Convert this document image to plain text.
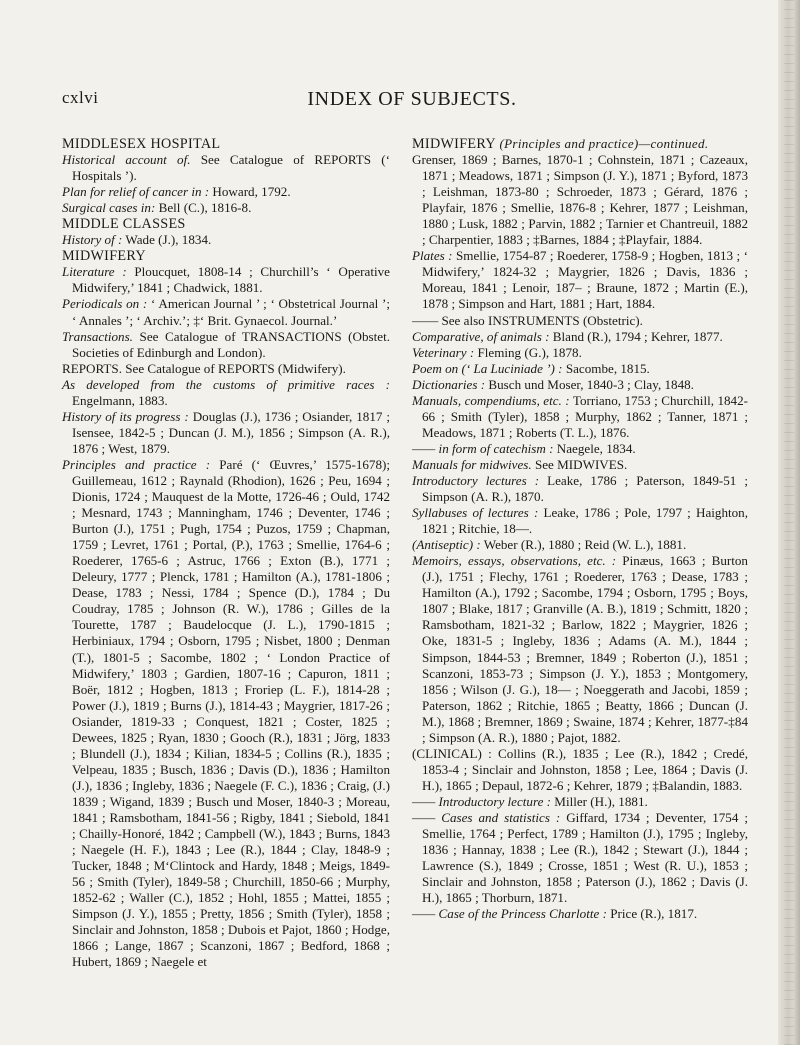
cxlvi	INDEX OF SUBJECTS.

MIDDLESEX HOSPITAL

Historical account of. See Catalogue of REPORTS (‘ Hospitals ’).

Plan for relief of cancer in : Howard, 1792.

Surgical cases in: Bell (C.), 1816-8.

MIDDLE CLASSES

History of : Wade (J.), 1834.

MIDWIFERY

Literature : Ploucquet, 1808-14 ; Churchill’s ‘ Operative Midwifery,’ 1841 ; Chadwick, 1881.

Periodicals on : ‘ American Journal ’ ; ‘ Obstetrical Journal ’; ‘ Annales ’; ‘ Archiv.’; ‡‘ Brit. Gynaecol. Journal.’

Transactions. See Catalogue of TRANSACTIONS (Obstet. Societies of Edinburgh and London).

REPORTS. See Catalogue of REPORTS (Midwifery).

As developed from the customs of primitive races : Engelmann, 1883.

History of its progress : Douglas (J.), 1736 ; Osiander, 1817 ; Isensee, 1842-5 ; Duncan (J. M.), 1856 ; Simpson (A. R.), 1876 ; West, 1879.

Principles and practice : Paré (‘ Œuvres,’ 1575-1678); Guillemeau, 1612 ; Raynald (Rhodion), 1626 ; Peu, 1694 ; Dionis, 1724 ; Mauquest de la Motte, 1726-46 ; Ould, 1742 ; Mesnard, 1743 ; Manningham, 1746 ; Deventer, 1746 ; Burton (J.), 1751 ; Pugh, 1754 ; Puzos, 1759 ; Chapman, 1759 ; Levret, 1761 ; Portal, (P.), 1763 ; Smellie, 1764-6 ; Roederer, 1765-6 ; Astruc, 1766 ; Exton (B.), 1771 ; Deleury, 1777 ; Plenck, 1781 ; Hamilton (A.), 1781-1806 ; Dease, 1783 ; Nessi, 1784 ; Spence (D.), 1784 ; Du Coudray, 1785 ; Johnson (R. W.), 1786 ; Gilles de la Tourette, 1787 ; Baudelocque (J. L.), 1790-1815 ; Herbiniaux, 1794 ; Osborn, 1795 ; Nisbet, 1800 ; Denman (T.), 1801-5 ; Sacombe, 1802 ; ‘ London Practice of Midwifery,’ 1803 ; Gardien, 1807-16 ; Capuron, 1811 ; Boër, 1812 ; Hogben, 1813 ; Froriep (L. F.), 1814-28 ; Power (J.), 1819 ; Burns (J.), 1814-43 ; Maygrier, 1817-26 ; Osiander, 1819-33 ; Conquest, 1821 ; Coster, 1825 ; Dewees, 1825 ; Ryan, 1830 ; Gooch (R.), 1831 ; Jörg, 1833 ; Blundell (J.), 1834 ; Kilian, 1834-5 ; Collins (R.), 1835 ; Velpeau, 1835 ; Busch, 1836 ; Davis (D.), 1836 ; Hamilton (J.), 1836 ; Ingleby, 1836 ; Naegele (F. C.), 1836 ; Craig, (J.) 1839 ; Wigand, 1839 ; Busch und Moser, 1840-3 ; Moreau, 1841 ; Ramsbotham, 1841-56 ; Rigby, 1841 ; Siebold, 1841 ; Chailly-Honoré, 1842 ; Campbell (W.), 1843 ; Burns, 1843 ; Naegele (H. F.), 1843 ; Lee (R.), 1844 ; Clay, 1848-9 ; Tucker, 1848 ; M‘Clintock and Hardy, 1848 ; Meigs, 1849-56 ; Smith (Tyler), 1849-58 ; Churchill, 1850-66 ; Murphy, 1852-62 ; Waller (C.), 1852 ; Hohl, 1855 ; Mattei, 1855 ; Simpson (J. Y.), 1855 ; Pretty, 1856 ; Smith (Tyler), 1858 ; Sinclair and Johnston, 1858 ; Dubois et Pajot, 1860 ; Hodge, 1866 ; Lange, 1867 ; Scanzoni, 1867 ; Bedford, 1868 ; Hubert, 1869 ; Naegele et

MIDWIFERY (Principles and practice)—continued.

Grenser, 1869 ; Barnes, 1870-1 ; Cohnstein, 1871 ; Cazeaux, 1871 ; Meadows, 1871 ; Simpson (J. Y.), 1871 ; Byford, 1873 ; Leishman, 1873-80 ; Schroeder, 1873 ; Gérard, 1876 ; Playfair, 1876 ; Smellie, 1876-8 ; Kehrer, 1877 ; Leishman, 1880 ; Lusk, 1882 ; Parvin, 1882 ; Tarnier et Chantreuil, 1882 ; Charpentier, 1883 ; ‡Barnes, 1884 ; ‡Playfair, 1884.

Plates : Smellie, 1754-87 ; Roederer, 1758-9 ; Hogben, 1813 ; ‘ Midwifery,’ 1824-32 ; Maygrier, 1826 ; Davis, 1836 ; Moreau, 1841 ; Lenoir, 187– ; Braune, 1872 ; Martin (E.), 1878 ; Simpson and Hart, 1881 ; Hart, 1884.

—— See also INSTRUMENTS (Obstetric).

Comparative, of animals : Bland (R.), 1794 ; Kehrer, 1877.

Veterinary : Fleming (G.), 1878.

Poem on (‘ La Luciniade ’) : Sacombe, 1815.

Dictionaries : Busch und Moser, 1840-3 ; Clay, 1848.

Manuals, compendiums, etc. : Torriano, 1753 ; Churchill, 1842-66 ; Smith (Tyler), 1858 ; Murphy, 1862 ; Tanner, 1871 ; Meadows, 1871 ; Roberts (T. L.), 1876.

—— in form of catechism : Naegele, 1834.

Manuals for midwives. See MIDWIVES.

Introductory lectures : Leake, 1786 ; Paterson, 1849-51 ; Simpson (A. R.), 1870.

Syllabuses of lectures : Leake, 1786 ; Pole, 1797 ; Haighton, 1821 ; Ritchie, 18—.

(Antiseptic) : Weber (R.), 1880 ; Reid (W. L.), 1881.

Memoirs, essays, observations, etc. : Pinæus, 1663 ; Burton (J.), 1751 ; Flechy, 1761 ; Roederer, 1763 ; Dease, 1783 ; Hamilton (A.), 1792 ; Sacombe, 1794 ; Osborn, 1795 ; Boys, 1807 ; Blake, 1817 ; Granville (A. B.), 1819 ; Schmitt, 1820 ; Ramsbotham, 1821-32 ; Barlow, 1822 ; Maygrier, 1826 ; Oke, 1831-5 ; Ingleby, 1836 ; Adams (A. M.), 1844 ; Simpson, 1844-53 ; Bremner, 1849 ; Roberton (J.), 1851 ; Scanzoni, 1853-73 ; Simpson (J. Y.), 1853 ; Montgomery, 1856 ; Wilson (J. G.), 18— ; Noeggerath and Jacobi, 1859 ; Paterson, 1862 ; Ritchie, 1865 ; Beatty, 1866 ; Duncan (J. M.), 1868 ; Bremner, 1869 ; Swaine, 1874 ; Kehrer, 1877-‡84 ; Simpson (A. R.), 1880 ; Pajot, 1882.

(CLINICAL) : Collins (R.), 1835 ; Lee (R.), 1842 ; Credé, 1853-4 ; Sinclair and Johnston, 1858 ; Lee, 1864 ; Davis (J. H.), 1865 ; Depaul, 1872-6 ; Kehrer, 1879 ; ‡Balandin, 1883.

—— Introductory lecture : Miller (H.), 1881.

—— Cases and statistics : Giffard, 1734 ; Deventer, 1754 ; Smellie, 1764 ; Perfect, 1789 ; Hamilton (J.), 1795 ; Ingleby, 1836 ; Hannay, 1838 ; Lee (R.), 1842 ; Stewart (J.), 1844 ; Lawrence (S.), 1849 ; Crosse, 1851 ; West (R. U.), 1853 ; Sinclair and Johnston, 1858 ; Paterson (J.), 1862 ; Davis (J. H.), 1865 ; Thorburn, 1871.

—— Case of the Princess Charlotte : Price (R.), 1817.
